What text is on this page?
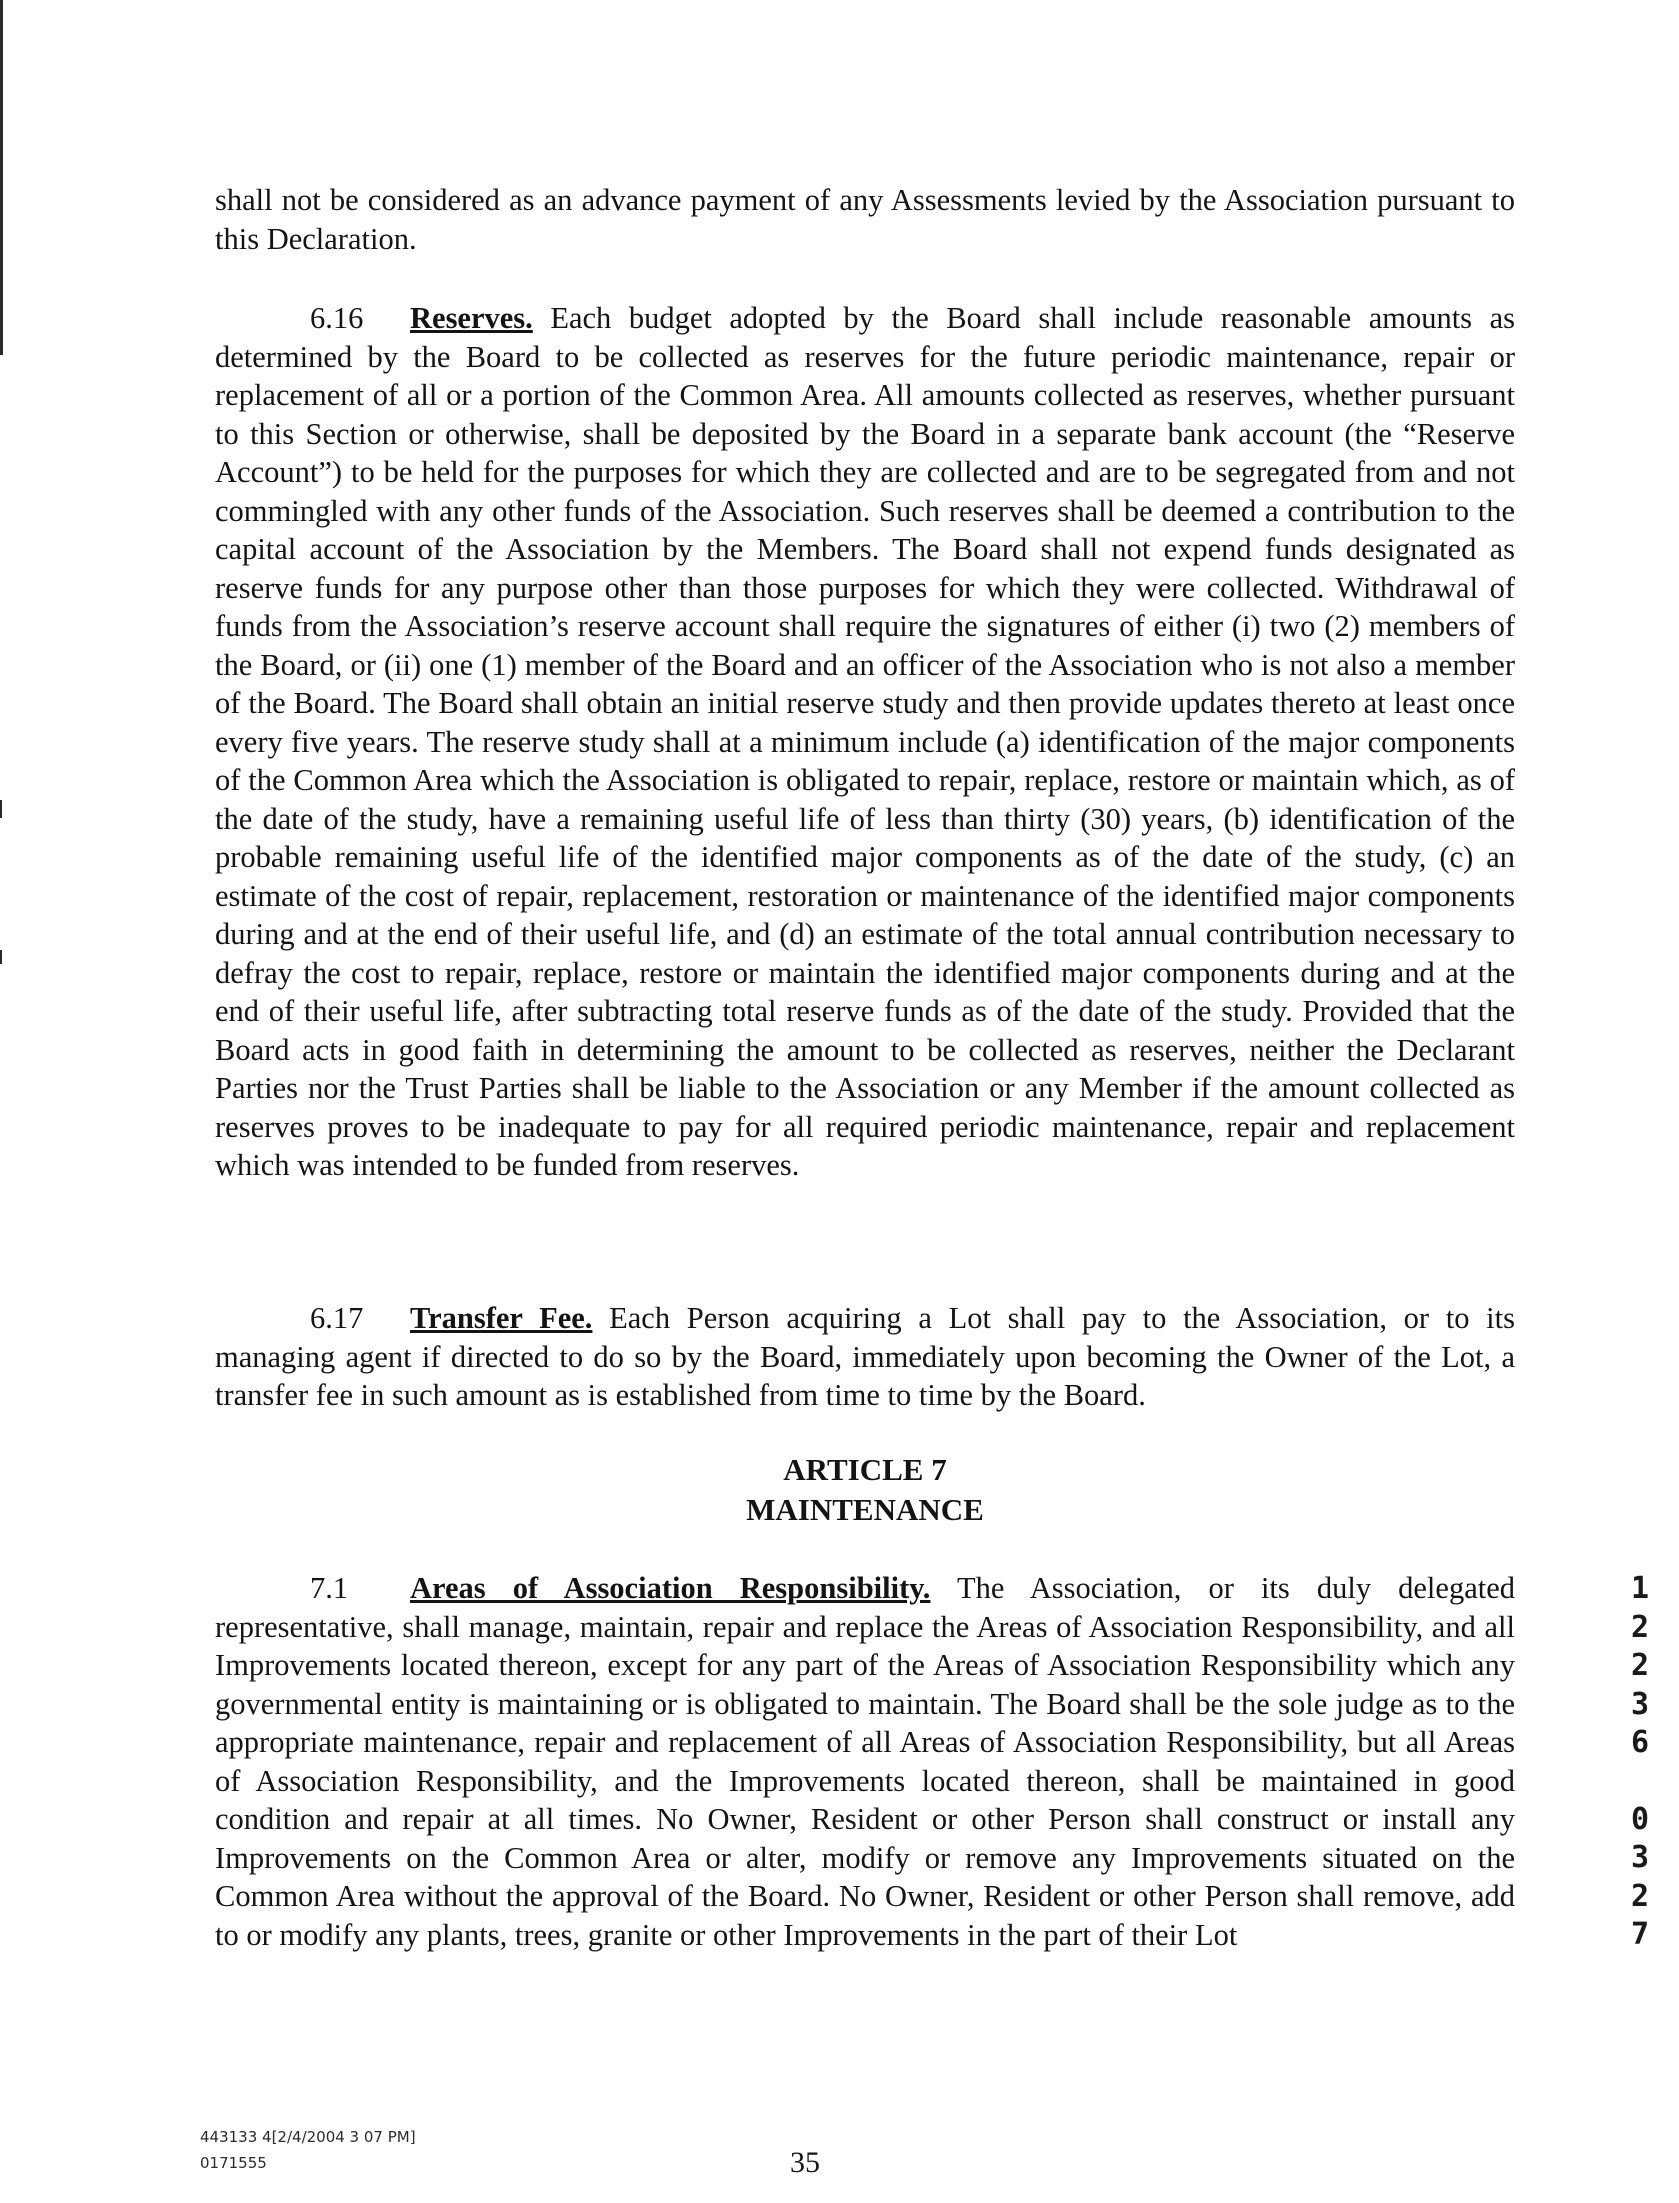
shall not be considered as an advance payment of any Assessments levied by the Association pursuant to this Declaration.

6.16 Reserves. Each budget adopted by the Board shall include reasonable amounts as determined by the Board to be collected as reserves for the future periodic maintenance, repair or replacement of all or a portion of the Common Area. All amounts collected as reserves, whether pursuant to this Section or otherwise, shall be deposited by the Board in a separate bank account (the “Reserve Account”) to be held for the purposes for which they are collected and are to be segregated from and not commingled with any other funds of the Association. Such reserves shall be deemed a contribution to the capital account of the Association by the Members. The Board shall not expend funds designated as reserve funds for any purpose other than those purposes for which they were collected. Withdrawal of funds from the Association’s reserve account shall require the signatures of either (i) two (2) members of the Board, or (ii) one (1) member of the Board and an officer of the Association who is not also a member of the Board. The Board shall obtain an initial reserve study and then provide updates thereto at least once every five years. The reserve study shall at a minimum include (a) identification of the major components of the Common Area which the Association is obligated to repair, replace, restore or maintain which, as of the date of the study, have a remaining useful life of less than thirty (30) years, (b) identification of the probable remaining useful life of the identified major components as of the date of the study, (c) an estimate of the cost of repair, replacement, restoration or maintenance of the identified major components during and at the end of their useful life, and (d) an estimate of the total annual contribution necessary to defray the cost to repair, replace, restore or maintain the identified major components during and at the end of their useful life, after subtracting total reserve funds as of the date of the study. Provided that the Board acts in good faith in determining the amount to be collected as reserves, neither the Declarant Parties nor the Trust Parties shall be liable to the Association or any Member if the amount collected as reserves proves to be inadequate to pay for all required periodic maintenance, repair and replacement which was intended to be funded from reserves.

6.17 Transfer Fee. Each Person acquiring a Lot shall pay to the Association, or to its managing agent if directed to do so by the Board, immediately upon becoming the Owner of the Lot, a transfer fee in such amount as is established from time to time by the Board.

ARTICLE 7
MAINTENANCE

7.1 Areas of Association Responsibility. The Association, or its duly delegated representative, shall manage, maintain, repair and replace the Areas of Association Responsibility, and all Improvements located thereon, except for any part of the Areas of Association Responsibility which any governmental entity is maintaining or is obligated to maintain. The Board shall be the sole judge as to the appropriate maintenance, repair and replacement of all Areas of Association Responsibility, but all Areas of Association Responsibility, and the Improvements located thereon, shall be maintained in good condition and repair at all times. No Owner, Resident or other Person shall construct or install any Improvements on the Common Area or alter, modify or remove any Improvements situated on the Common Area without the approval of the Board. No Owner, Resident or other Person shall remove, add to or modify any plants, trees, granite or other Improvements in the part of their Lot

1
2
2
3
6
0
3
2
7
443133 4[2/4/2004 3 07 PM]
0171555	35
